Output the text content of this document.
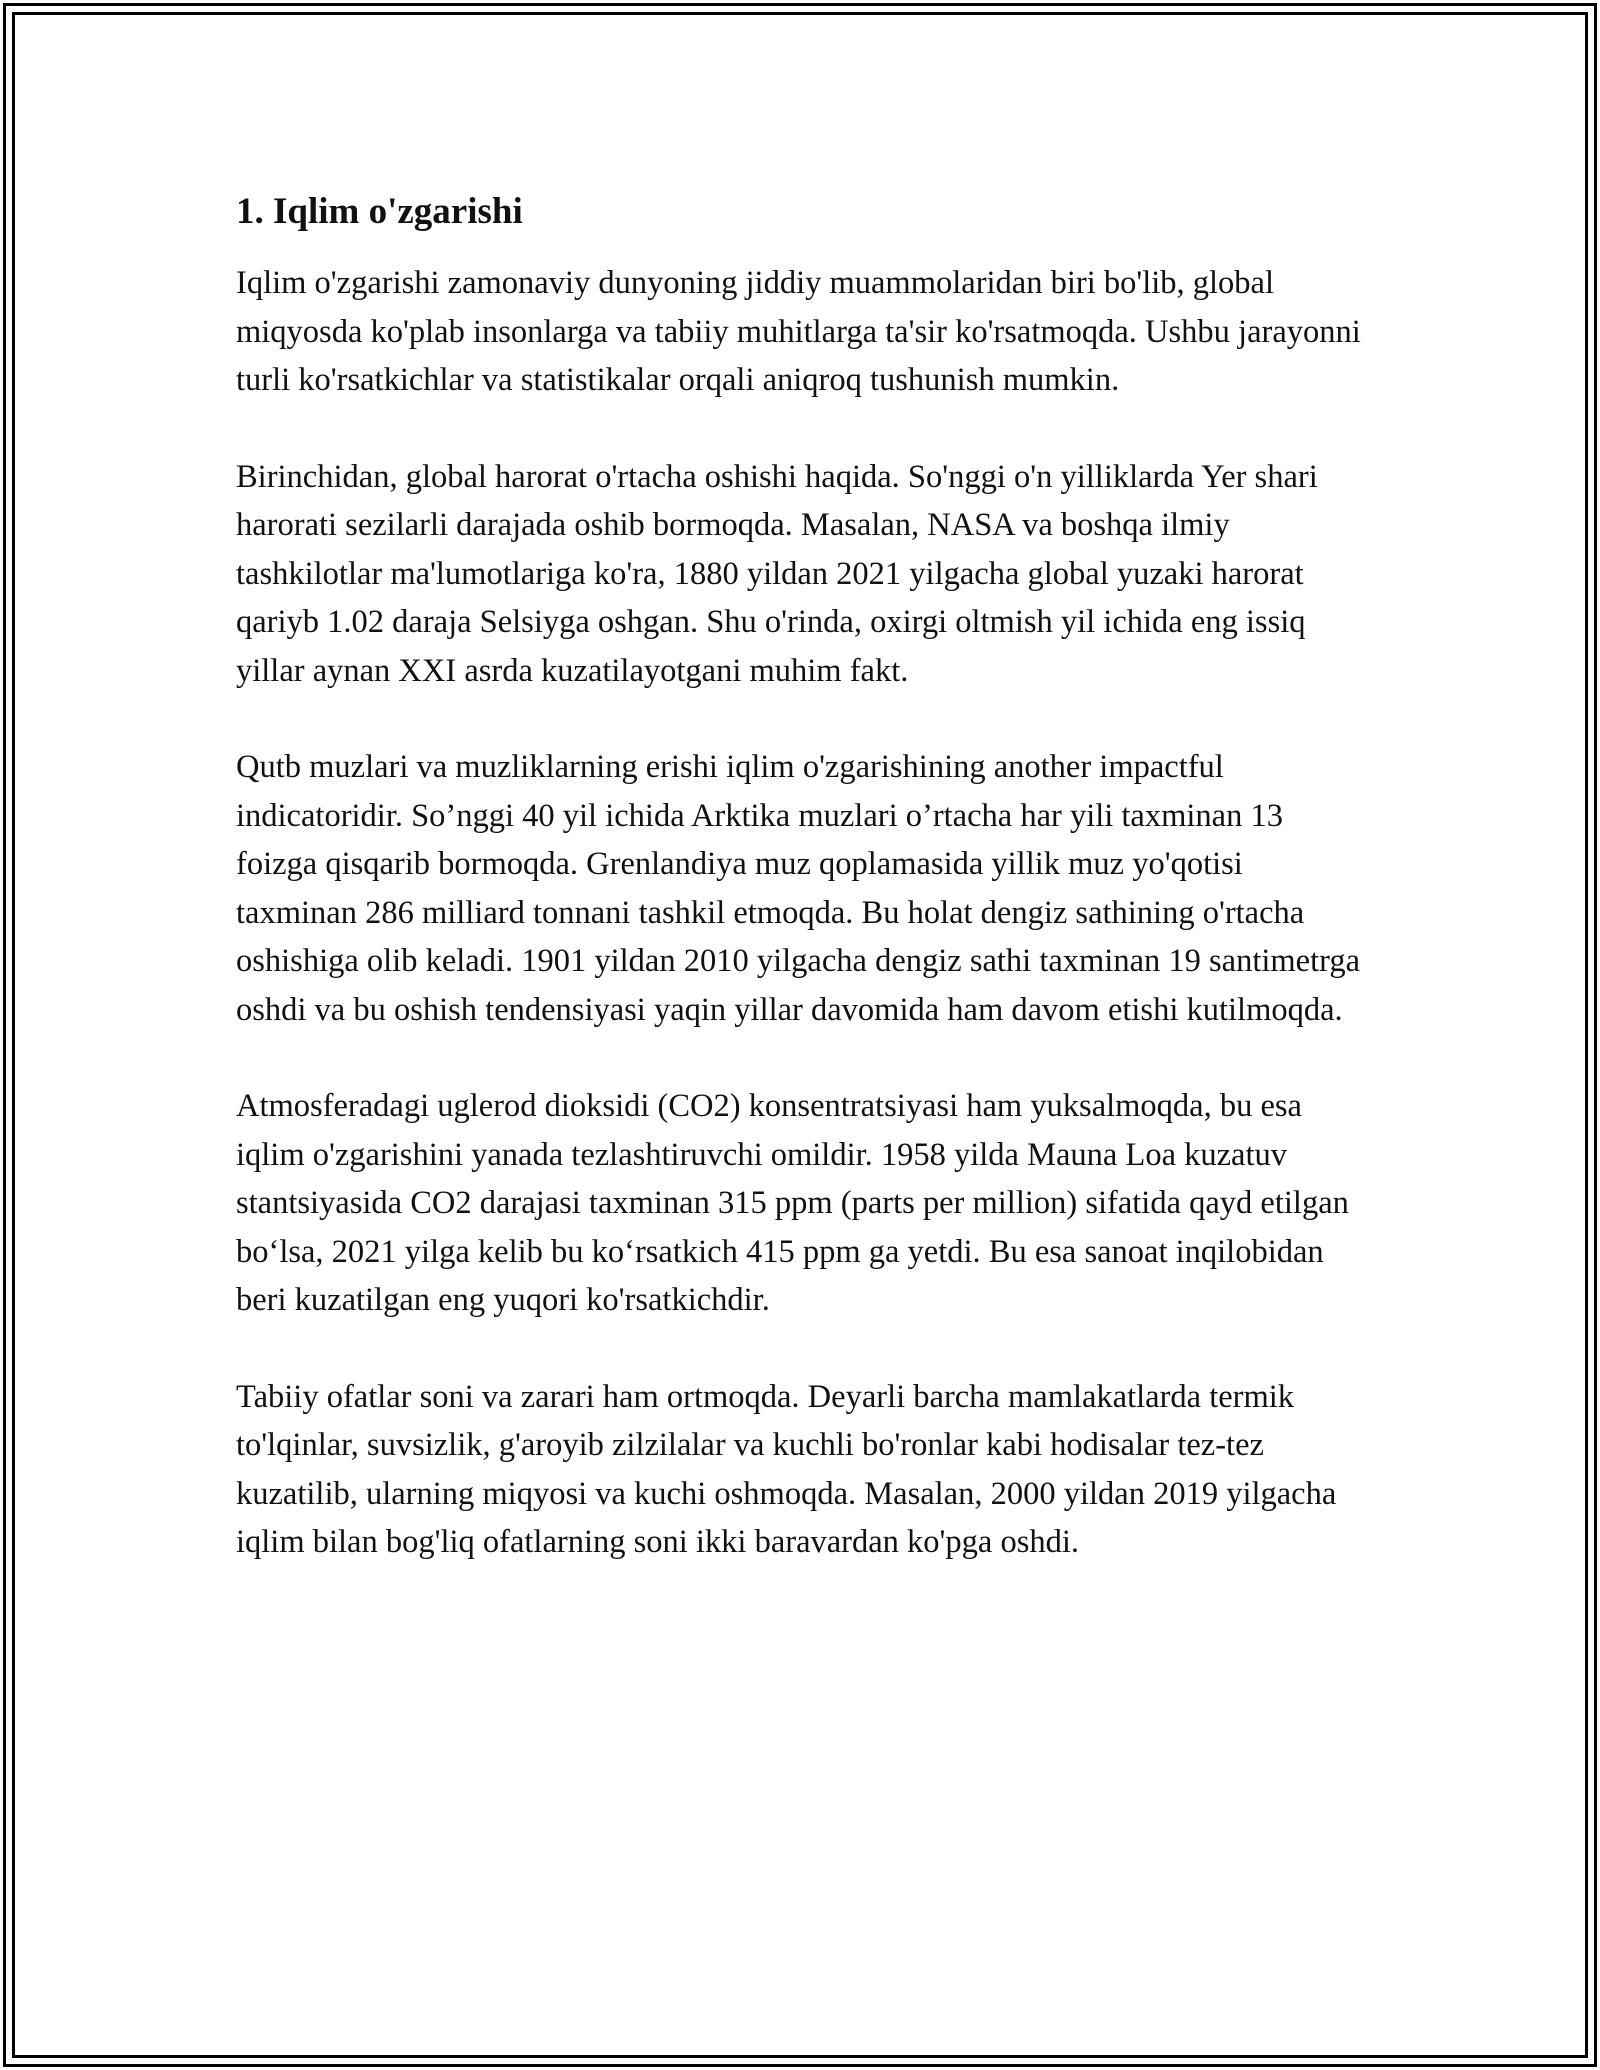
1. Iqlim o'zgarishi

Iqlim o'zgarishi zamonaviy dunyoning jiddiy muammolaridan biri bo'lib, global miqyosda ko'plab insonlarga va tabiiy muhitlarga ta'sir ko'rsatmoqda. Ushbu jarayonni turli ko'rsatkichlar va statistikalar orqali aniqroq tushunish mumkin.

Birinchidan, global harorat o'rtacha oshishi haqida. So'nggi o'n yilliklarda Yer shari harorati sezilarli darajada oshib bormoqda. Masalan, NASA va boshqa ilmiy tashkilotlar ma'lumotlariga ko'ra, 1880 yildan 2021 yilgacha global yuzaki harorat qariyb 1.02 daraja Selsiyga oshgan. Shu o'rinda, oxirgi oltmish yil ichida eng issiq yillar aynan XXI asrda kuzatilayotgani muhim fakt.

Qutb muzlari va muzliklarning erishi iqlim o'zgarishining another impactful indicatoridir. So’nggi 40 yil ichida Arktika muzlari o’rtacha har yili taxminan 13 foizga qisqarib bormoqda. Grenlandiya muz qoplamasida yillik muz yo'qotisi taxminan 286 milliard tonnani tashkil etmoqda. Bu holat dengiz sathining o'rtacha oshishiga olib keladi. 1901 yildan 2010 yilgacha dengiz sathi taxminan 19 santimetrga oshdi va bu oshish tendensiyasi yaqin yillar davomida ham davom etishi kutilmoqda.

Atmosferadagi uglerod dioksidi (CO2) konsentratsiyasi ham yuksalmoqda, bu esa iqlim o'zgarishini yanada tezlashtiruvchi omildir. 1958 yilda Mauna Loa kuzatuv stantsiyasida CO2 darajasi taxminan 315 ppm (parts per million) sifatida qayd etilgan bo‘lsa, 2021 yilga kelib bu ko‘rsatkich 415 ppm ga yetdi. Bu esa sanoat inqilobidan beri kuzatilgan eng yuqori ko'rsatkichdir.

Tabiiy ofatlar soni va zarari ham ortmoqda. Deyarli barcha mamlakatlarda termik to'lqinlar, suvsizlik, g'aroyib zilzilalar va kuchli bo'ronlar kabi hodisalar tez-tez kuzatilib, ularning miqyosi va kuchi oshmoqda. Masalan, 2000 yildan 2019 yilgacha iqlim bilan bog'liq ofatlarning soni ikki baravardan ko'pga oshdi.
